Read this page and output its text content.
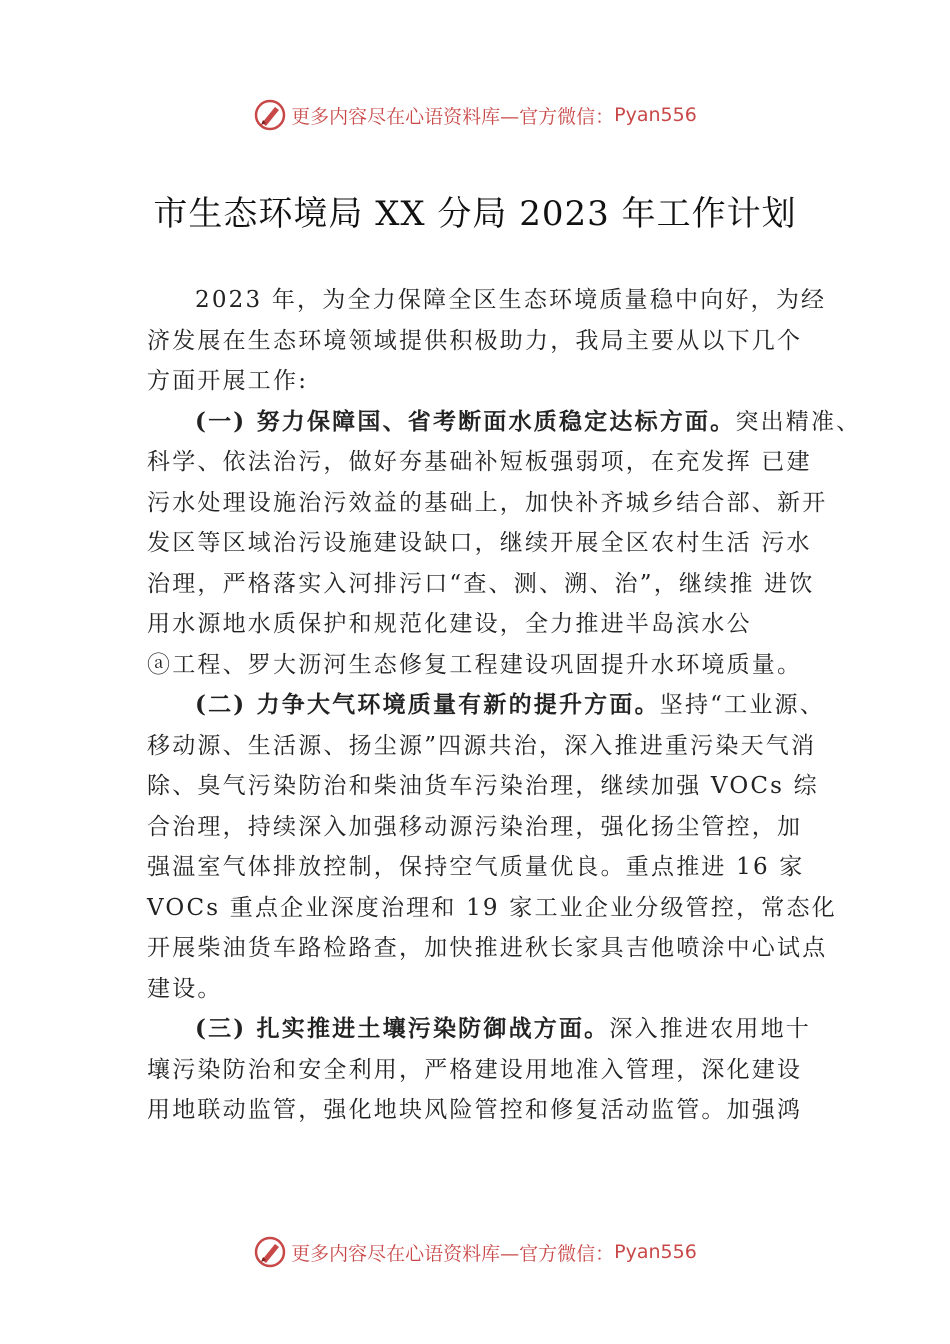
更多内容尽在心语资料库—官方微信： Pyan556
市生态环境局 XX 分局 2023 年工作计划
2023 年，为全力保障全区生态环境质量稳中向好，为经
济发展在生态环境领域提供积极助力，我局主要从以下几个
方面开展工作:
(一) 努力保障国、省考断面水质稳定达标方面。突出精准、
科学、依法治污，做好夯基础补短板强弱项，在充发挥 已建
污水处理设施治污效益的基础上，加快补齐城乡结合部、新开
发区等区域治污设施建设缺口，继续开展全区农村生活 污水
治理，严格落实入河排污口“查、测、溯、治”，继续推 进饮
用水源地水质保护和规范化建设，全力推进半岛滨水公
ⓐ工程、罗大沥河生态修复工程建设巩固提升水环境质量。
(二) 力争大气环境质量有新的提升方面。坚持“工业源、
移动源、生活源、扬尘源”四源共治，深入推进重污染天气消
除、臭气污染防治和柴油货车污染治理，继续加强 VOCs 综
合治理，持续深入加强移动源污染治理，强化扬尘管控，加
强温室气体排放控制，保持空气质量优良。重点推进 16 家
VOCs 重点企业深度治理和 19 家工业企业分级管控，常态化
开展柴油货车路检路查，加快推进秋长家具吉他喷涂中心试点
建设。
(三) 扎实推进土壤污染防御战方面。深入推进农用地十
壤污染防治和安全利用，严格建设用地准入管理，深化建设
用地联动监管，强化地块风险管控和修复活动监管。加强鸿
更多内容尽在心语资料库—官方微信： Pyan556
